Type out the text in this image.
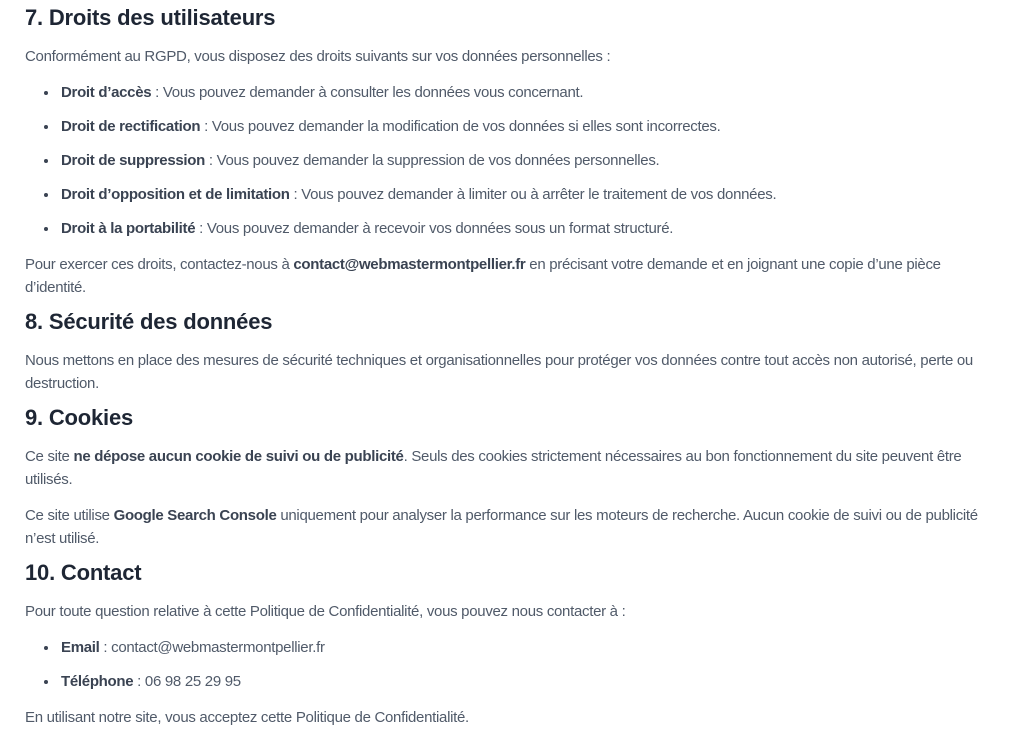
7. Droits des utilisateurs

Conformément au RGPD, vous disposez des droits suivants sur vos données personnelles :

• Droit d’accès : Vous pouvez demander à consulter les données vous concernant.
• Droit de rectification : Vous pouvez demander la modification de vos données si elles sont incorrectes.
• Droit de suppression : Vous pouvez demander la suppression de vos données personnelles.
• Droit d’opposition et de limitation : Vous pouvez demander à limiter ou à arrêter le traitement de vos données.
• Droit à la portabilité : Vous pouvez demander à recevoir vos données sous un format structuré.

Pour exercer ces droits, contactez-nous à contact@webmastermontpellier.fr en précisant votre demande et en joignant une copie d’une pièce d’identité.

8. Sécurité des données

Nous mettons en place des mesures de sécurité techniques et organisationnelles pour protéger vos données contre tout accès non autorisé, perte ou destruction.

9. Cookies

Ce site ne dépose aucun cookie de suivi ou de publicité. Seuls des cookies strictement nécessaires au bon fonctionnement du site peuvent être utilisés.

Ce site utilise Google Search Console uniquement pour analyser la performance sur les moteurs de recherche. Aucun cookie de suivi ou de publicité n’est utilisé.

10. Contact

Pour toute question relative à cette Politique de Confidentialité, vous pouvez nous contacter à :

• Email : contact@webmastermontpellier.fr
• Téléphone : 06 98 25 29 95

En utilisant notre site, vous acceptez cette Politique de Confidentialité.
